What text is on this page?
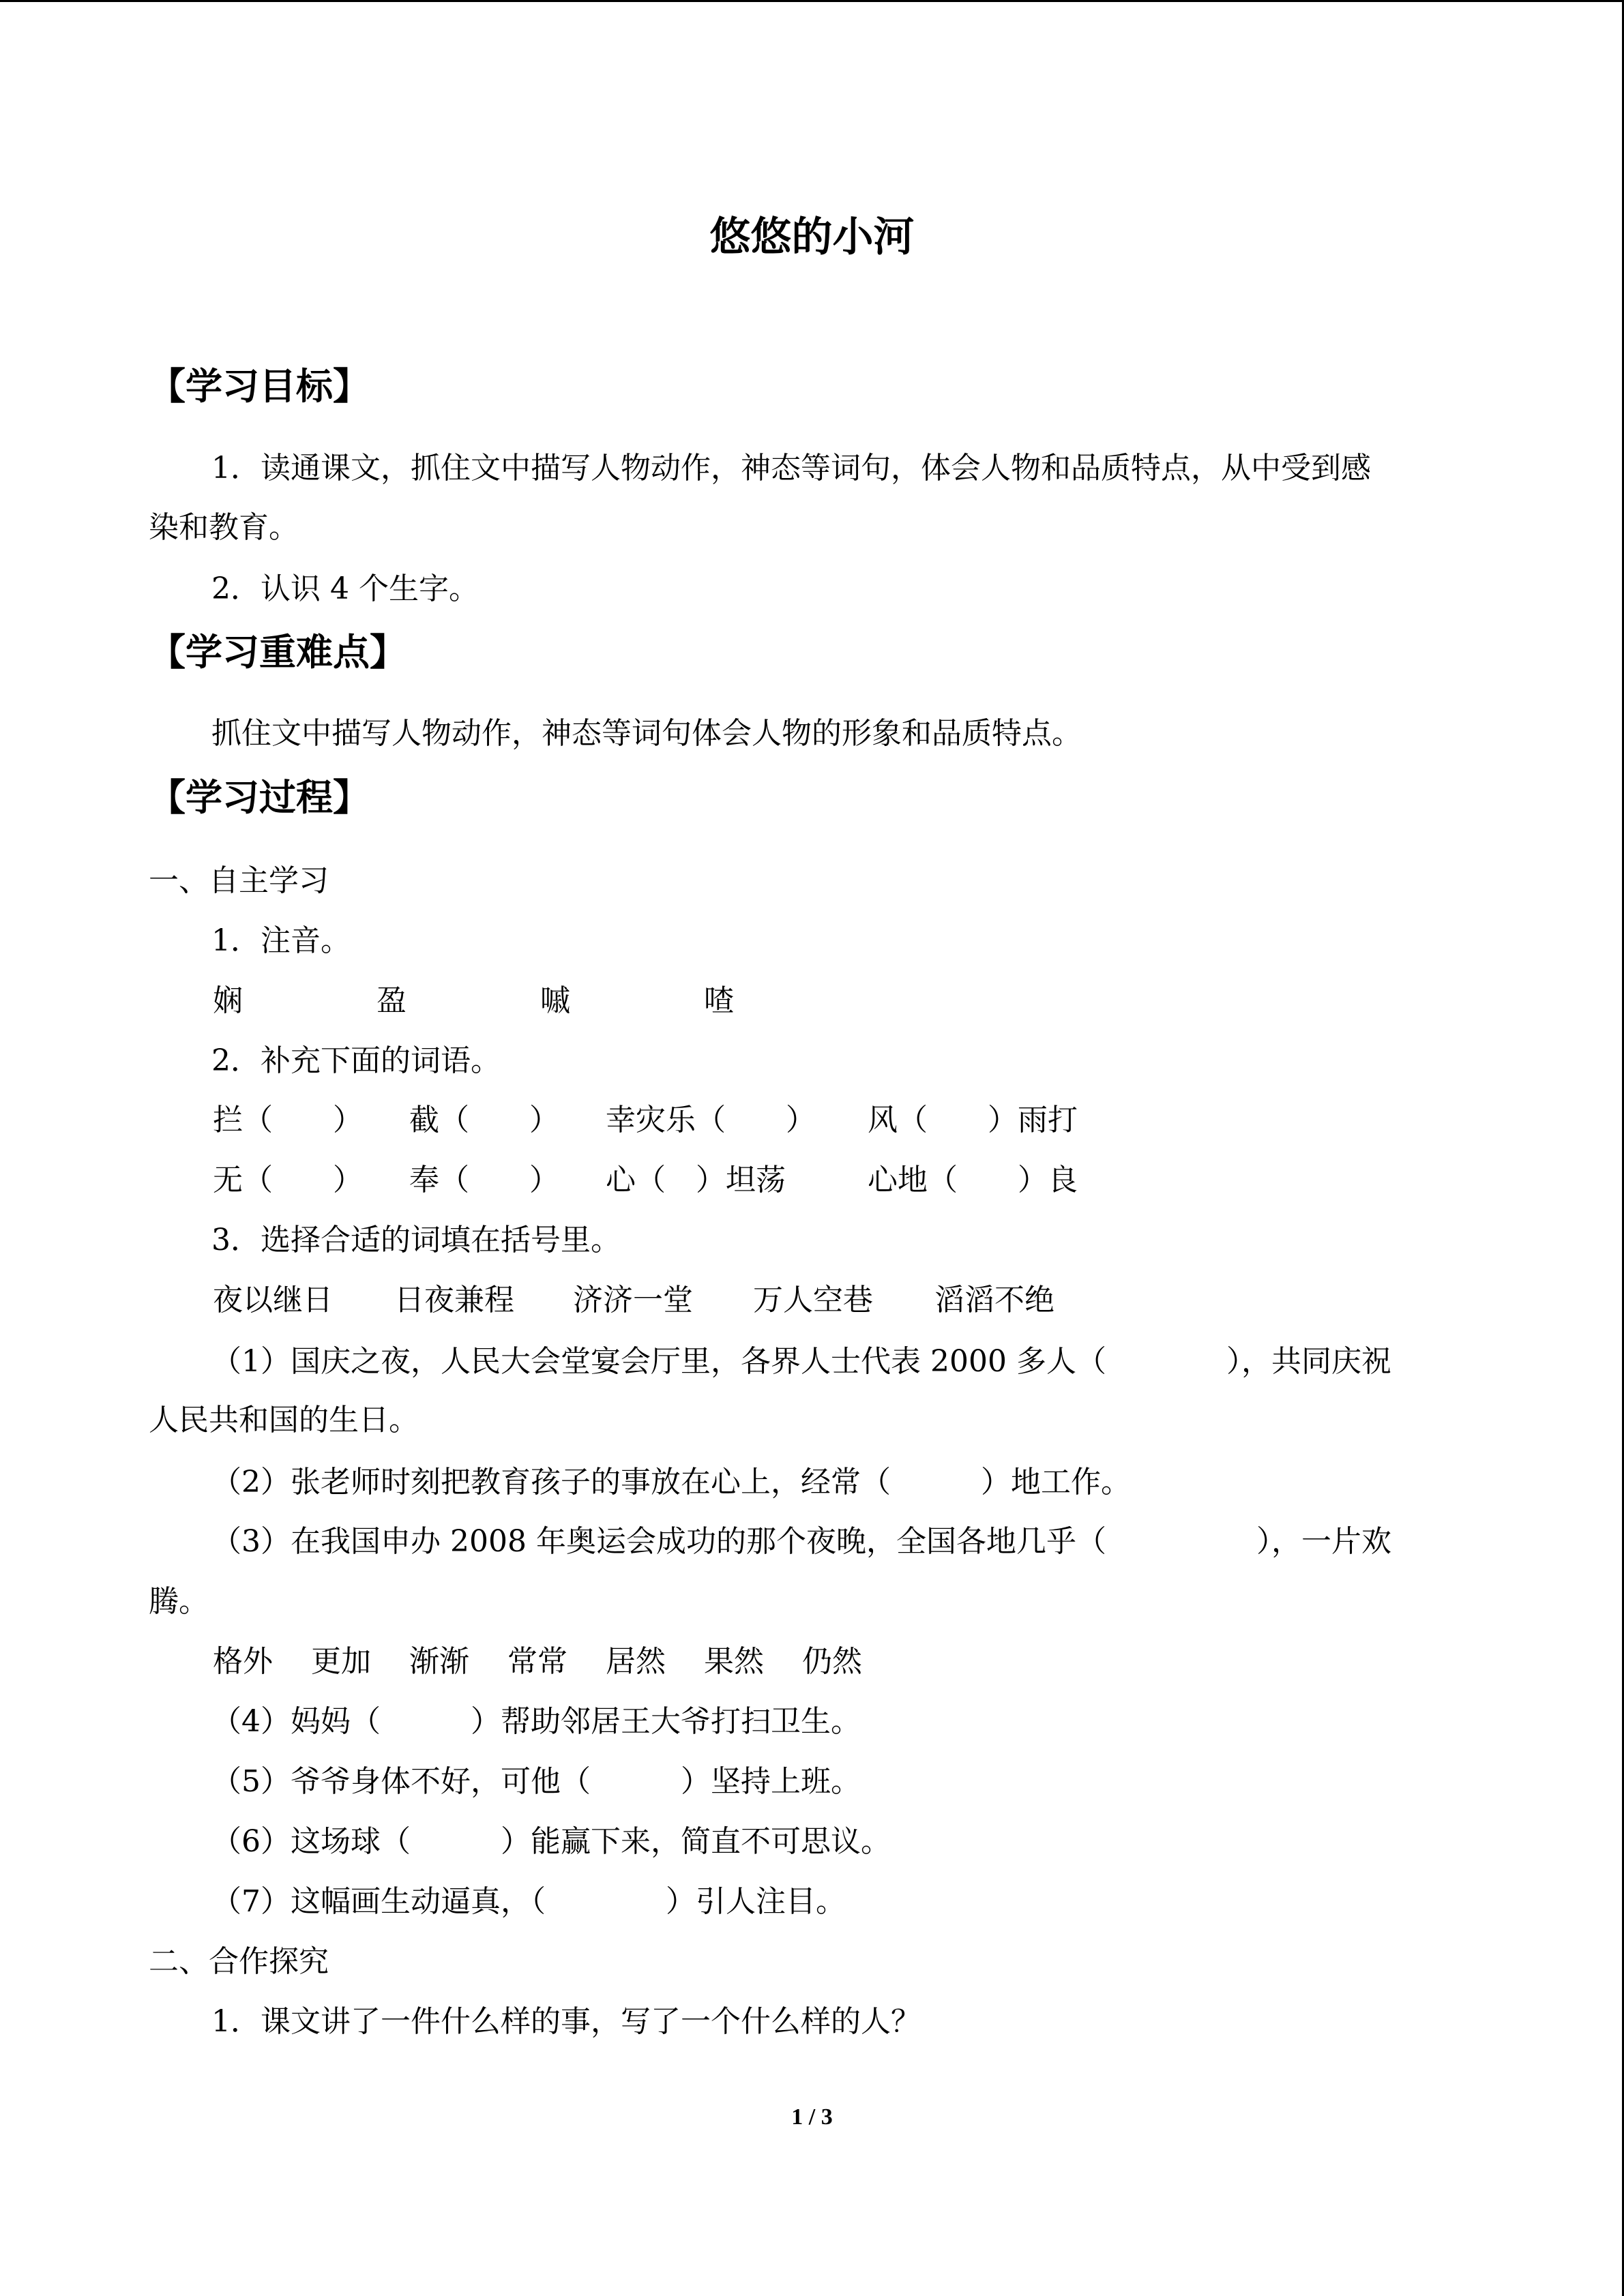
悠悠的小河
【学习目标】
1．读通课文，抓住文中描写人物动作，神态等词句，体会人物和品质特点，从中受到感
染和教育。
2．认识 4 个生字。
【学习重难点】
抓住文中描写人物动作，神态等词句体会人物的形象和品质特点。
【学习过程】
一、自主学习
1．注音。
娴	盈	嘁	喳
2．补充下面的词语。
拦（　　） 截（　　） 幸灾乐（　　） 风（　　）雨打
无（　　） 奉（　　） 心（　）坦荡	心地（　　）良
3．选择合适的词填在括号里。
夜以继日 日夜兼程 济济一堂 万人空巷 滔滔不绝
（1）国庆之夜，人民大会堂宴会厅里，各界人士代表 2000 多人（　　　　），共同庆祝
人民共和国的生日。
（2）张老师时刻把教育孩子的事放在心上，经常（　　　）地工作。
（3）在我国申办 2008 年奥运会成功的那个夜晚，全国各地几乎（　　　　　），一片欢
腾。
格外 更加 渐渐 常常 居然 果然 仍然
（4）妈妈（　　　）帮助邻居王大爷打扫卫生。
（5）爷爷身体不好，可他（　　　）坚持上班。
（6）这场球（　　　）能赢下来，简直不可思议。
（7）这幅画生动逼真，（　　　　）引人注目。
二、合作探究
1．课文讲了一件什么样的事，写了一个什么样的人？
1 / 3
